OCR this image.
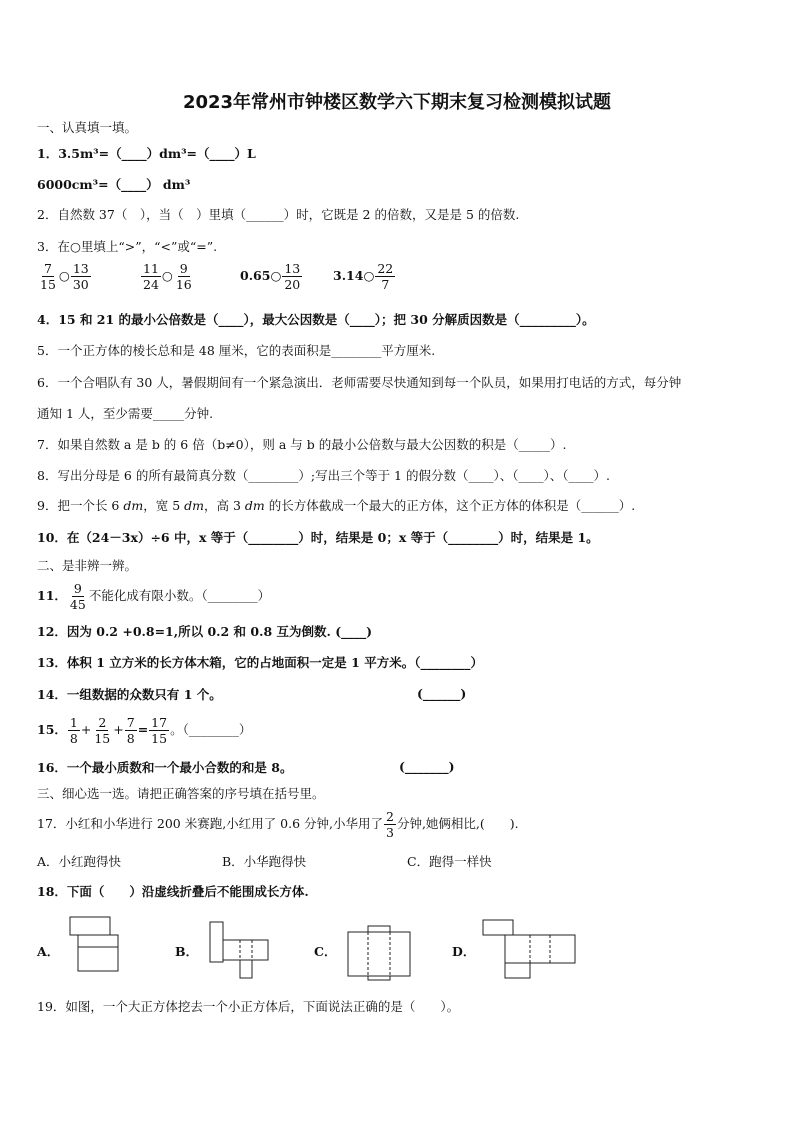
2023年常州市钟楼区数学六下期末复习检测模拟试题
一、认真填一填。
1．3.5m³=（____）dm³=（____）L
6000cm³=（____） dm³
2．自然数 37（　），当（　）里填（______）时，它既是 2 的倍数，又是是 5 的倍数.
3．在○里填上“>”，“<”或“=”.
$\frac{7}{15}$ ○ $\frac{13}{30}$	$\frac{11}{24}$ ○ $\frac{9}{16}$	0.65○ $\frac{13}{20}$ 3.14○ $\frac{22}{7}$
4．15 和 21 的最小公倍数是（____），最大公因数是（____）；把 30 分解质因数是（_________）。
5．一个正方体的棱长总和是 48 厘米，它的表面积是________平方厘米.
6．一个合唱队有 30 人，暑假期间有一个紧急演出．老师需要尽快通知到每一个队员，如果用打电话的方式，每分钟
通知 1 人，至少需要_____分钟.
7．如果自然数 a 是 b 的 6 倍（b≠0），则 a 与 b 的最小公倍数与最大公因数的积是（_____）.
8．写出分母是 6 的所有最简真分数（________）;写出三个等于 1 的假分数（____）、（____）、（____）.
9．把一个长 6 dm，宽 5 dm，高 3 dm 的长方体截成一个最大的正方体，这个正方体的体积是（______）.
10．在（24－3x）÷6 中，x 等于（________）时，结果是 0；x 等于（________）时，结果是 1。
二、是非辨一辨。
11． $\frac{9}{45}$ 不能化成有限小数。（________）
12．因为 0.2 +0.8=1,所以 0.2 和 0.8 互为倒数. (____)
13．体积 1 立方米的长方体木箱，它的占地面积一定是 1 平方米。（________）
14．一组数据的众数只有 1 个。	(______)
15． $\frac{1}{8} + \frac{2}{15} + \frac{7}{8} = \frac{17}{15}$ 。（________）
16．一个最小质数和一个最小合数的和是 8。	(_______)
三、细心选一选。请把正确答案的序号填在括号里。
17．小红和小华进行 200 米赛跑,小红用了 0.6 分钟,小华用了 $\frac{2}{3}$ 分钟,她俩相比,(　　).
A．小红跑得快	B．小华跑得快	C．跑得一样快
18．下面（　　）沿虚线折叠后不能围成长方体.
A．	B．	C．	D．
19．如图，一个大正方体挖去一个小正方体后，下面说法正确的是（　　）。
